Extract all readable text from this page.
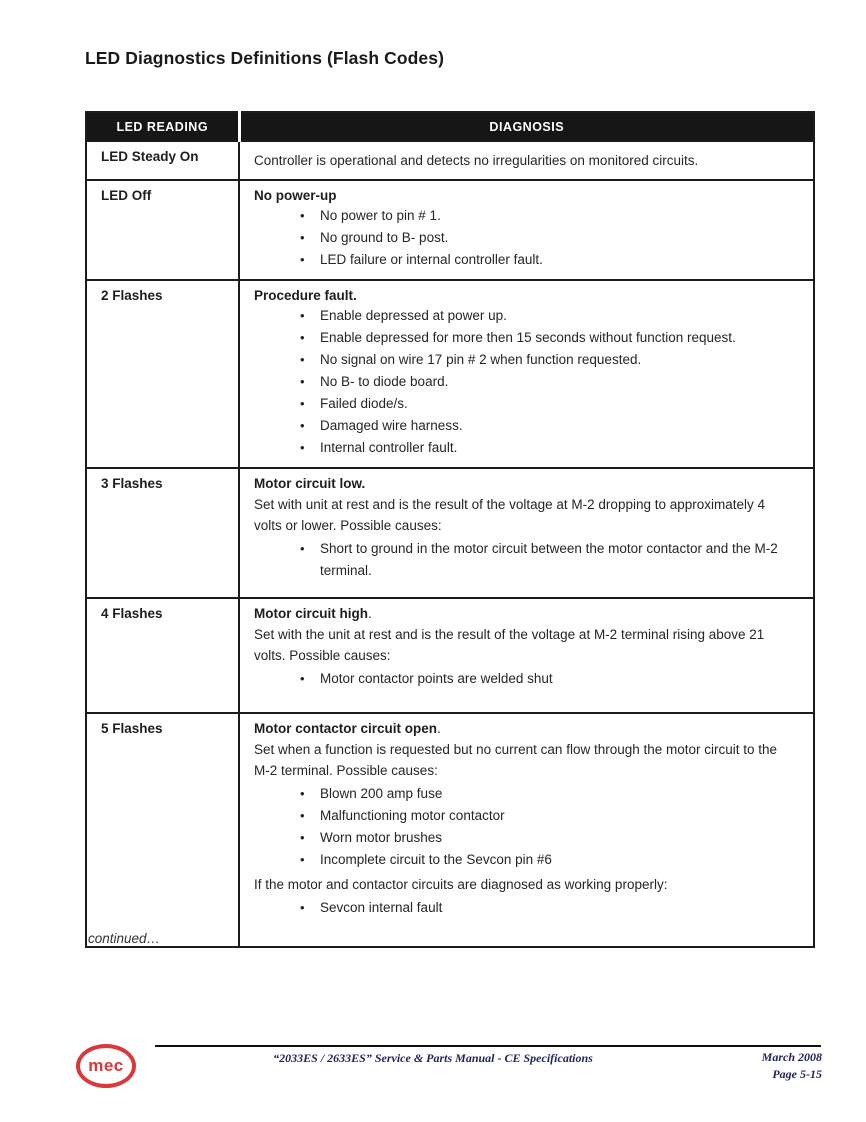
LED Diagnostics Definitions (Flash Codes)
LED READING	DIAGNOSIS
LED Steady On	Controller is operational and detects no irregularities on monitored circuits.

LED Off	No power-up

• No power to pin # 1.
• No ground to B- post.
• LED failure or internal controller fault.

2 Flashes	Procedure fault.

• Enable depressed at power up.
• Enable depressed for more then 15 seconds without function request.
• No signal on wire 17 pin # 2 when function requested.
• No B- to diode board.
• Failed diode/s.
• Damaged wire harness.
• Internal controller fault.

3 Flashes	Motor circuit low.

Set with unit at rest and is the result of the voltage at M-2 dropping to approximately 4 volts or lower. Possible causes:

• Short to ground in the motor circuit between the motor contactor and the M-2 terminal.

4 Flashes	Motor circuit high.

Set with the unit at rest and is the result of the voltage at M-2 terminal rising above 21 volts. Possible causes:

• Motor contactor points are welded shut

5 Flashes	Motor contactor circuit open.

Set when a function is requested but no current can flow through the motor circuit to the M-2 terminal. Possible causes:

• Blown 200 amp fuse
• Malfunctioning motor contactor
• Worn motor brushes
• Incomplete circuit to the Sevcon pin #6

If the motor and contactor circuits are diagnosed as working properly:

• Sevcon internal fault

continued…

mec	“2033ES / 2633ES” Service & Parts Manual - CE Specifications	March 2008
Page 5-15
